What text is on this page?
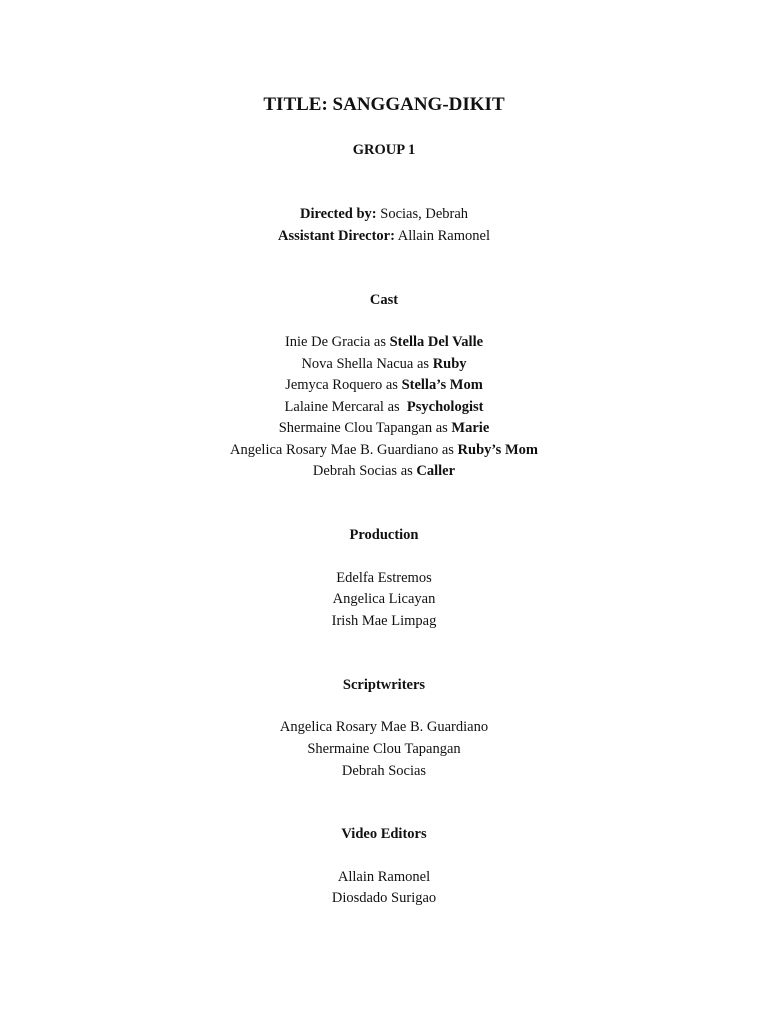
TITLE: SANGGANG-DIKIT
GROUP 1
Directed by: Socias, Debrah
Assistant Director: Allain Ramonel
Cast
Inie De Gracia as Stella Del Valle
Nova Shella Nacua as Ruby
Jemyca Roquero as Stella’s Mom
Lalaine Mercaral as  Psychologist
Shermaine Clou Tapangan as Marie
Angelica Rosary Mae B. Guardiano as Ruby’s Mom
Debrah Socias as Caller
Production
Edelfa Estremos
Angelica Licayan
Irish Mae Limpag
Scriptwriters
Angelica Rosary Mae B. Guardiano
Shermaine Clou Tapangan
Debrah Socias
Video Editors
Allain Ramonel
Diosdado Surigao
